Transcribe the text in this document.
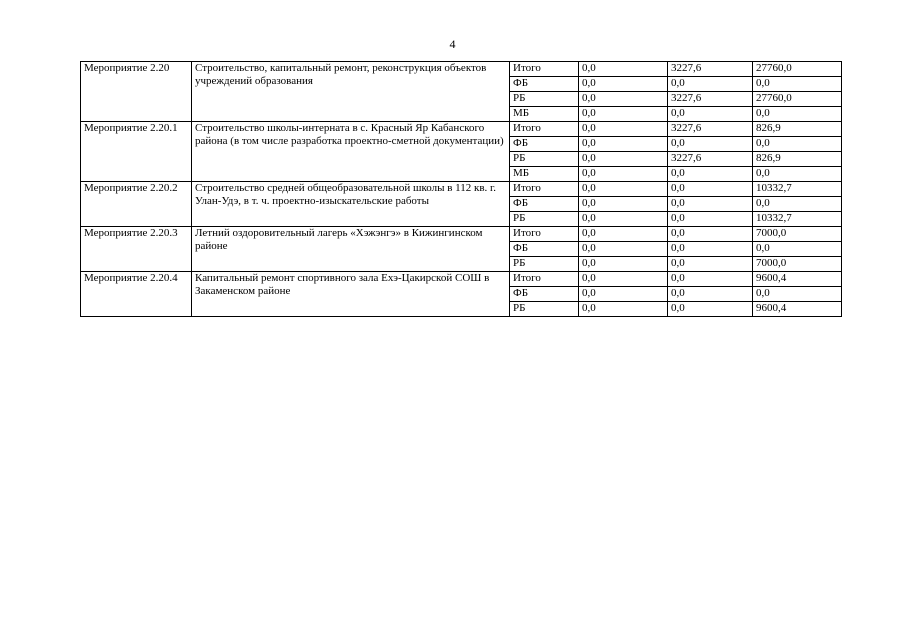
4
Мероприятие 2.20	Строительство, капитальный ремонт, реконструкция объектов учреждений образования	Итого	0,0	3227,6	27760,0
		ФБ	0,0	0,0	0,0
		РБ	0,0	3227,6	27760,0
		МБ	0,0	0,0	0,0
Мероприятие 2.20.1	Строительство школы-интерната в с. Красный Яр Кабанского района (в том числе разработка проектно-сметной документации)	Итого	0,0	3227,6	826,9
		ФБ	0,0	0,0	0,0
		РБ	0,0	3227,6	826,9
		МБ	0,0	0,0	0,0
Мероприятие 2.20.2	Строительство средней общеобразовательной школы в 112 кв. г. Улан-Удэ, в т. ч. проектно-изыскательские работы	Итого	0,0	0,0	10332,7
		ФБ	0,0	0,0	0,0
		РБ	0,0	0,0	10332,7
Мероприятие 2.20.3	Летний оздоровительный лагерь «Хэжэнгэ» в Кижингинском районе	Итого	0,0	0,0	7000,0
		ФБ	0,0	0,0	0,0
		РБ	0,0	0,0	7000,0
Мероприятие 2.20.4	Капитальный ремонт спортивного зала Ехэ-Цакирской СОШ в Закаменском районе	Итого	0,0	0,0	9600,4
		ФБ	0,0	0,0	0,0
		РБ	0,0	0,0	9600,4
